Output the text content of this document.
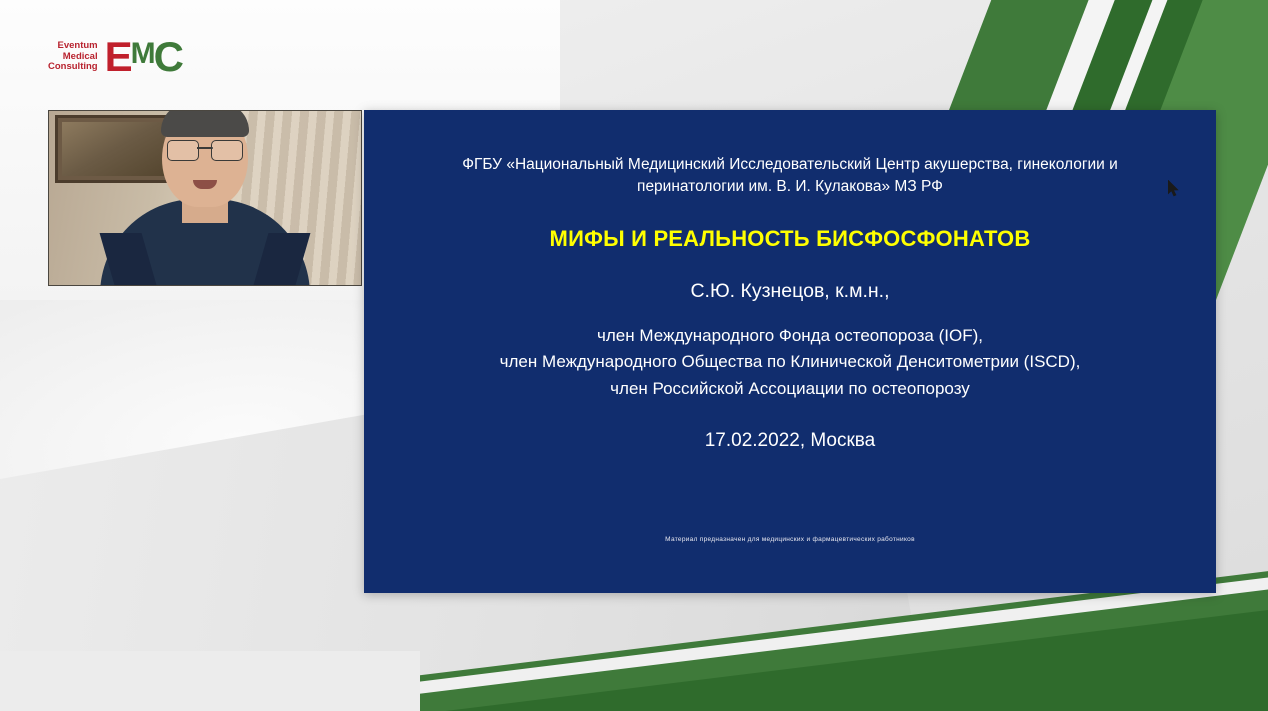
Eventum
Medical
Consulting E M C
ФГБУ «Национальный Медицинский Исследовательский Центр акушерства, гинекологии и перинатологии им. В. И. Кулакова» МЗ РФ
МИФЫ И РЕАЛЬНОСТЬ БИСФОСФОНАТОВ
С.Ю. Кузнецов, к.м.н.,
член Международного Фонда остеопороза (IOF),
член Международного Общества по Клинической Денситометрии (ISCD),
член Российской Ассоциации по остеопорозу
17.02.2022, Москва
Материал предназначен для медицинских и фармацевтических работников
